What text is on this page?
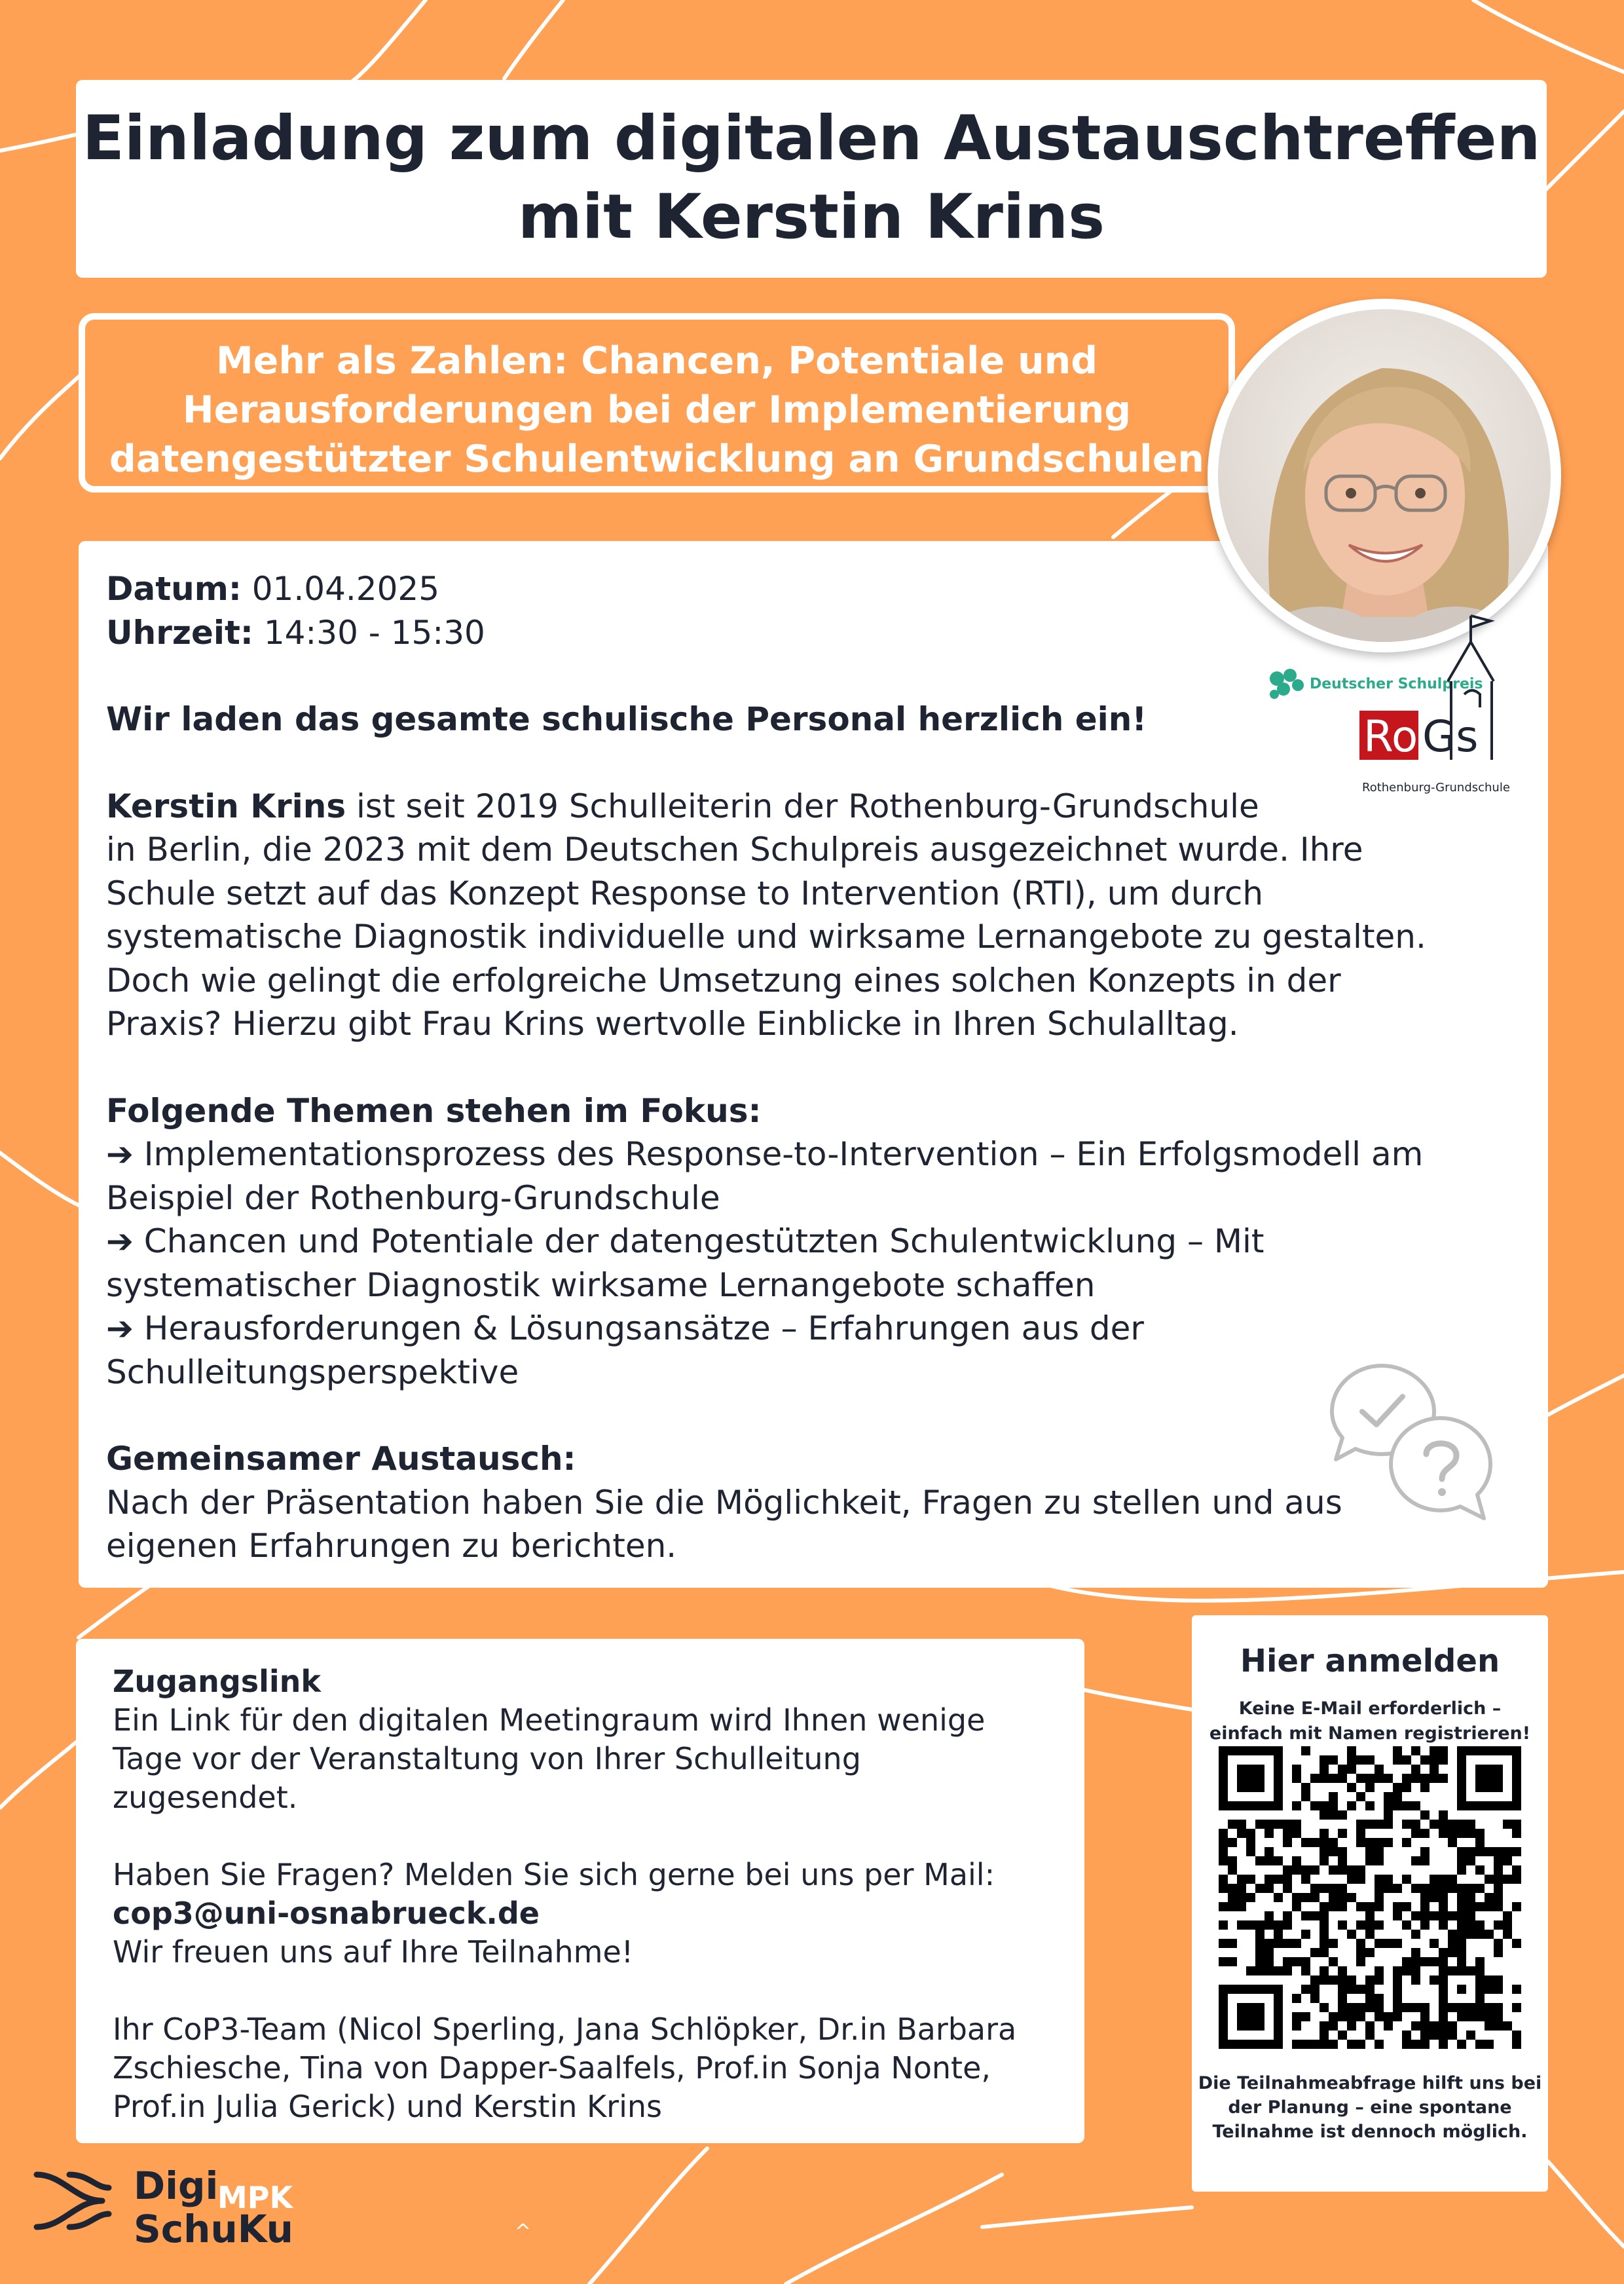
Einladung zum digitalen Austauschtreffen
mit Kerstin Krins
Mehr als Zahlen: Chancen, Potentiale und
Herausforderungen bei der Implementierung
datengestützter Schulentwicklung an Grundschulen

Datum: 01.04.2025

Uhrzeit: 14:30 - 15:30

Wir laden das gesamte schulische Personal herzlich ein!

Kerstin Krins ist seit 2019 Schulleiterin der Rothenburg-Grundschule

in Berlin, die 2023 mit dem Deutschen Schulpreis ausgezeichnet wurde. Ihre

Schule setzt auf das Konzept Response to Intervention (RTI), um durch

systematische Diagnostik individuelle und wirksame Lernangebote zu gestalten.

Doch wie gelingt die erfolgreiche Umsetzung eines solchen Konzepts in der

Praxis? Hierzu gibt Frau Krins wertvolle Einblicke in Ihren Schulalltag.

Folgende Themen stehen im Fokus:

➔ Implementationsprozess des Response-to-Intervention – Ein Erfolgsmodell am

Beispiel der Rothenburg-Grundschule

➔ Chancen und Potentiale der datengestützten Schulentwicklung – Mit

systematischer Diagnostik wirksame Lernangebote schaffen

➔ Herausforderungen & Lösungsansätze – Erfahrungen aus der

Schulleitungsperspektive

Gemeinsamer Austausch:

Nach der Präsentation haben Sie die Möglichkeit, Fragen zu stellen und aus

eigenen Erfahrungen zu berichten.

Deutscher Schulpreis
Ro Gs
Rothenburg-Grundschule

Zugangslink

Ein Link für den digitalen Meetingraum wird Ihnen wenige

Tage vor der Veranstaltung von Ihrer Schulleitung

zugesendet.

Haben Sie Fragen? Melden Sie sich gerne bei uns per Mail:

cop3@uni-osnabrueck.de

Wir freuen uns auf Ihre Teilnahme!

Ihr CoP3-Team (Nicol Sperling, Jana Schlöpker, Dr.in Barbara

Zschiesche, Tina von Dapper-Saalfels, Prof.in Sonja Nonte,

Prof.in Julia Gerick) und Kerstin Krins

Hier anmelden
Keine E-Mail erforderlich –
einfach mit Namen registrieren!
Die Teilnahmeabfrage hilft uns bei
der Planung – eine spontane
Teilnahme ist dennoch möglich.
Digi
SchuKu
MPK
^
